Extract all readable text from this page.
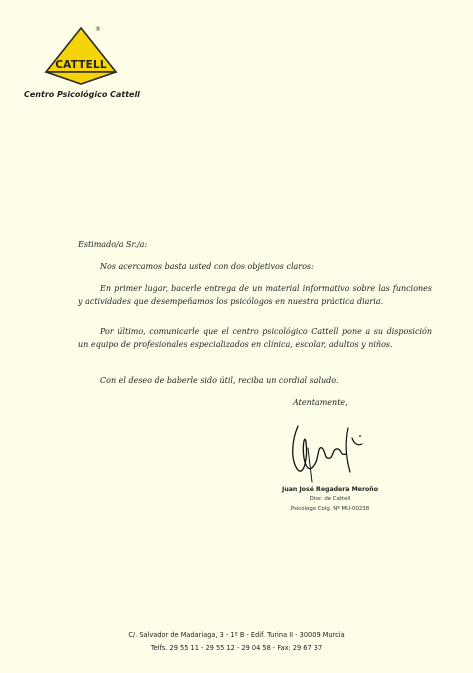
CATTELL
®
Centro Psicológico Cattell
Estimado/a Sr./a:
Nos acercamos basta usted con dos objetivos claros:
En primer lugar, bacerle entrega de un material informativo sobre las funciones y actividades que desempeñamos los psicólogos en nuestra práctica diaria.
Por último, comunicarle que el centro psicológico Cattell pone a su disposición un equipo de profesionales especializados en clínica, escolar, adultos y niños.
Con el deseo de baberle sido útil, reciba un cordial saludo.
Atentamente,
Juan José Regadera Meroño
Dtor. de Cattell
Psicólogo Colg. Nº MU-00238
C/. Salvador de Madariaga, 3 - 1º B - Edif. Turina II - 30009 Murcia
Telfs. 29 55 11 - 29 55 12 - 29 04 58 - Fax: 29 67 37
